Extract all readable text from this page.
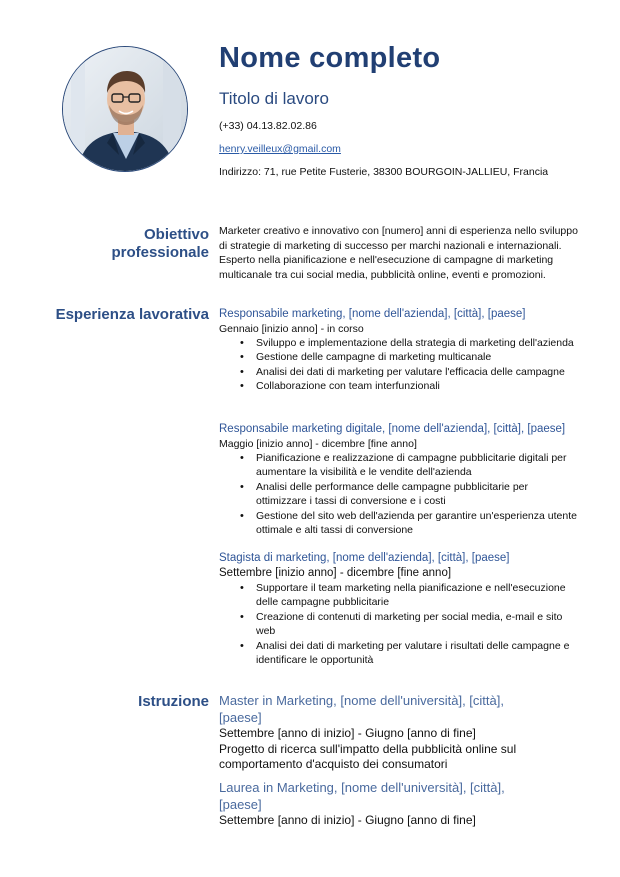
Nome completo
Titolo di lavoro
(+33) 04.13.82.02.86
henry.veilleux@gmail.com
Indirizzo: 71, rue Petite Fusterie, 38300 BOURGOIN-JALLIEU, Francia
Obiettivo
professionale
Marketer creativo e innovativo con [numero] anni di esperienza nello sviluppo di strategie di marketing di successo per marchi nazionali e internazionali. Esperto nella pianificazione e nell'esecuzione di campagne di marketing multicanale tra cui social media, pubblicità online, eventi e promozioni.
Esperienza lavorativa Responsabile marketing, [nome dell'azienda], [città], [paese]
Gennaio [inizio anno] - in corso
• Sviluppo e implementazione della strategia di marketing dell'azienda
• Gestione delle campagne di marketing multicanale
• Analisi dei dati di marketing per valutare l'efficacia delle campagne
• Collaborazione con team interfunzionali
Responsabile marketing digitale, [nome dell'azienda], [città], [paese]
Maggio [inizio anno] - dicembre [fine anno]
• Pianificazione e realizzazione di campagne pubblicitarie digitali per aumentare la visibilità e le vendite dell'azienda
• Analisi delle performance delle campagne pubblicitarie per ottimizzare i tassi di conversione e i costi
• Gestione del sito web dell'azienda per garantire un'esperienza utente ottimale e alti tassi di conversione
Stagista di marketing, [nome dell'azienda], [città], [paese]
Settembre [inizio anno] - dicembre [fine anno]
• Supportare il team marketing nella pianificazione e nell'esecuzione delle campagne pubblicitarie
• Creazione di contenuti di marketing per social media, e-mail e sito web
• Analisi dei dati di marketing per valutare i risultati delle campagne e identificare le opportunità
Istruzione Master in Marketing, [nome dell'università], [città], [paese]
Settembre [anno di inizio] - Giugno [anno di fine]
Progetto di ricerca sull'impatto della pubblicità online sul comportamento d'acquisto dei consumatori
Laurea in Marketing, [nome dell'università], [città], [paese]
Settembre [anno di inizio] - Giugno [anno di fine]
